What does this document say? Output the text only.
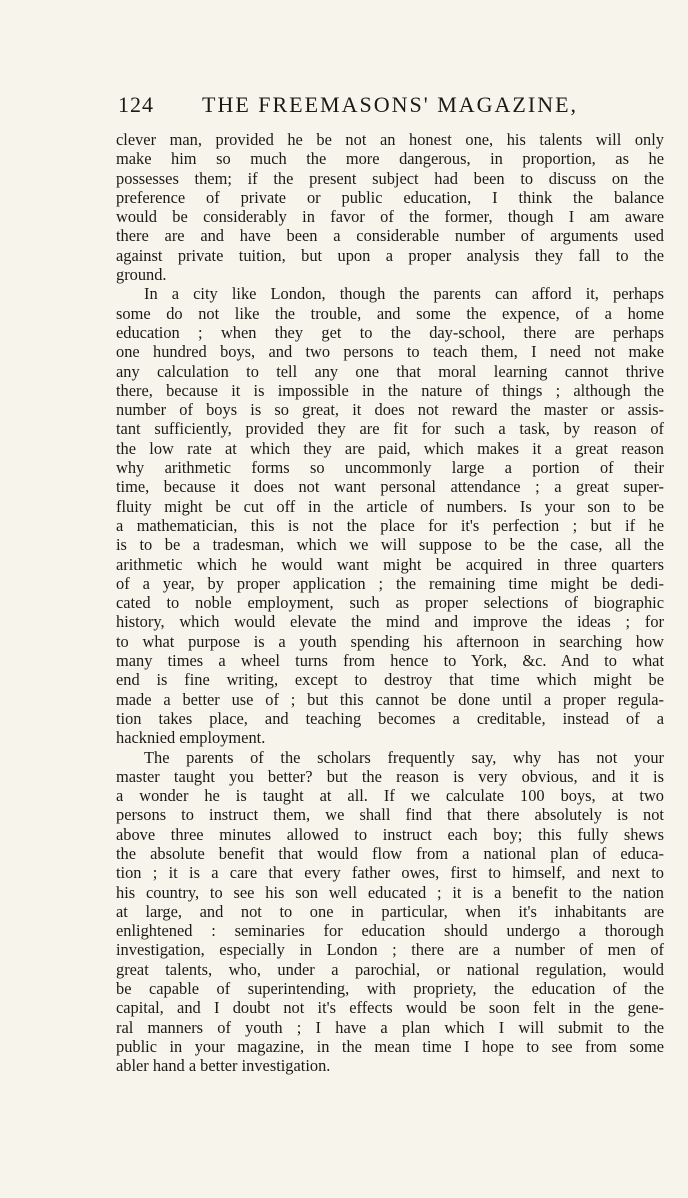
124 THE FREEMASONS' MAGAZINE,
clever man, provided he be not an honest one, his talents will only
make him so much the more dangerous, in proportion, as he
possesses them; if the present subject had been to discuss on the
preference of private or public education, I think the balance
would be considerably in favor of the former, though I am aware
there are and have been a considerable number of arguments used
against private tuition, but upon a proper analysis they fall to the
ground.
In a city like London, though the parents can afford it, perhaps
some do not like the trouble, and some the expence, of a home
education ; when they get to the day-school, there are perhaps
one hundred boys, and two persons to teach them, I need not make
any calculation to tell any one that moral learning cannot thrive
there, because it is impossible in the nature of things ; although the
number of boys is so great, it does not reward the master or assis-
tant sufficiently, provided they are fit for such a task, by reason of
the low rate at which they are paid, which makes it a great reason
why arithmetic forms so uncommonly large a portion of their
time, because it does not want personal attendance ; a great super-
fluity might be cut off in the article of numbers. Is your son to be
a mathematician, this is not the place for it's perfection ; but if he
is to be a tradesman, which we will suppose to be the case, all the
arithmetic which he would want might be acquired in three quarters
of a year, by proper application ; the remaining time might be dedi-
cated to noble employment, such as proper selections of biographic
history, which would elevate the mind and improve the ideas ; for
to what purpose is a youth spending his afternoon in searching how
many times a wheel turns from hence to York, &c. And to what
end is fine writing, except to destroy that time which might be
made a better use of ; but this cannot be done until a proper regula-
tion takes place, and teaching becomes a creditable, instead of a
hacknied employment.
The parents of the scholars frequently say, why has not your
master taught you better? but the reason is very obvious, and it is
a wonder he is taught at all. If we calculate 100 boys, at two
persons to instruct them, we shall find that there absolutely is not
above three minutes allowed to instruct each boy; this fully shews
the absolute benefit that would flow from a national plan of educa-
tion ; it is a care that every father owes, first to himself, and next to
his country, to see his son well educated ; it is a benefit to the nation
at large, and not to one in particular, when it's inhabitants are
enlightened : seminaries for education should undergo a thorough
investigation, especially in London ; there are a number of men of
great talents, who, under a parochial, or national regulation, would
be capable of superintending, with propriety, the education of the
capital, and I doubt not it's effects would be soon felt in the gene-
ral manners of youth ; I have a plan which I will submit to the
public in your magazine, in the mean time I hope to see from some
abler hand a better investigation.
